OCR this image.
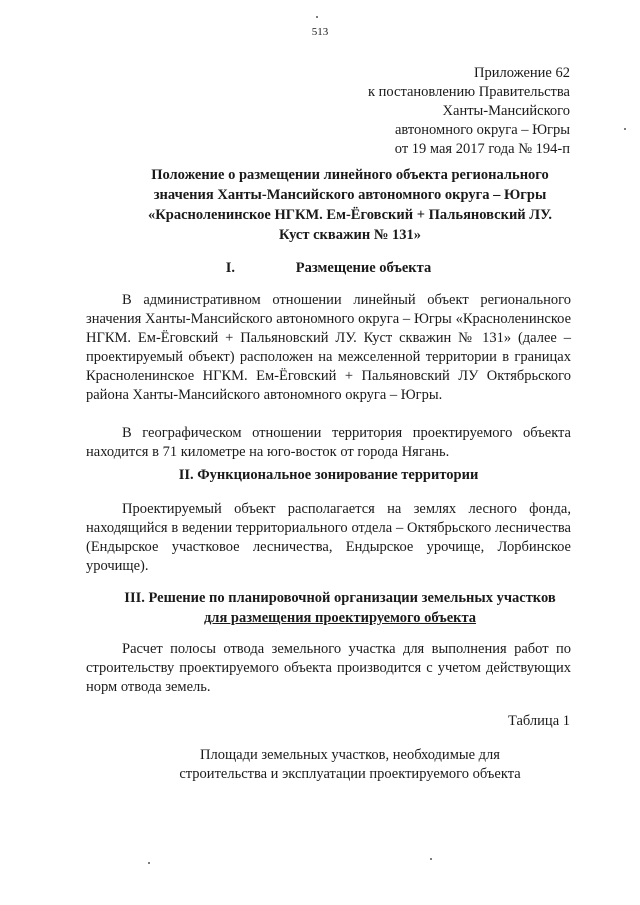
513
Приложение 62
к постановлению Правительства
Ханты-Мансийского
автономного округа – Югры
от 19 мая 2017 года № 194-п
Положение о размещении линейного объекта регионального
значения Ханты-Мансийского автономного округа – Югры
«Красноленинское НГКМ. Ем-Ёговский + Пальяновский ЛУ.
Куст скважин № 131»
I.	Размещение объекта

В административном отношении линейный объект регионального значения Ханты-Мансийского автономного округа – Югры «Красноленинское НГКМ. Ем-Ёговский + Пальяновский ЛУ. Куст скважин № 131» (далее – проектируемый объект) расположен на межселенной территории в границах Красноленинское НГКМ. Ем-Ёговский + Пальяновский ЛУ Октябрьского района Ханты-Мансийского автономного округа – Югры.

В географическом отношении территория проектируемого объекта находится в 71 километре на юго-восток от города Нягань.

II. Функциональное зонирование территории

Проектируемый объект располагается на землях лесного фонда, находящийся в ведении территориального отдела – Октябрьского лесничества (Ендырское участковое лесничества, Ендырское урочище, Лорбинское урочище).

III. Решение по планировочной организации земельных участков
для размещения проектируемого объекта

Расчет полосы отвода земельного участка для выполнения работ по строительству проектируемого объекта производится с учетом действующих норм отвода земель.

Таблица 1
Площади земельных участков, необходимые для
строительства и эксплуатации проектируемого объекта
